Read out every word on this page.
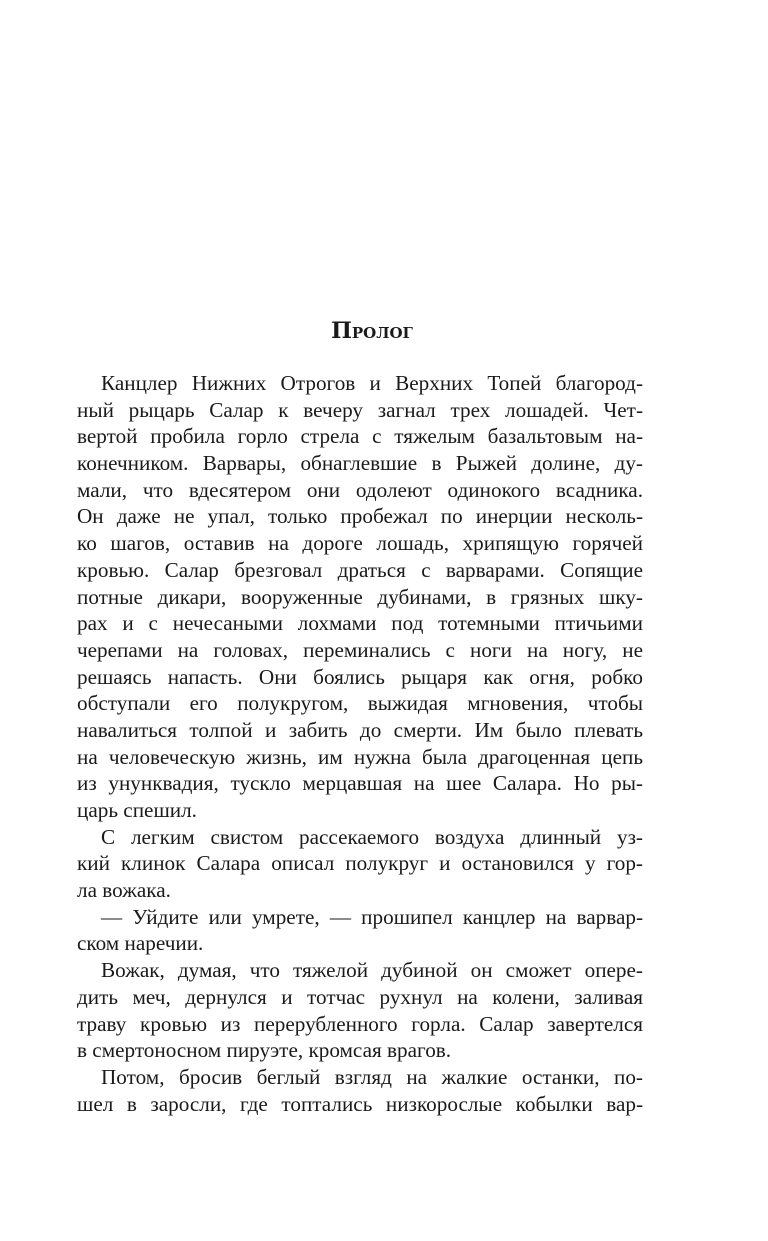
Пролог
Канцлер Нижних Отрогов и Верхних Топей благород-
ный рыцарь Салар к вечеру загнал трех лошадей. Чет-
вертой пробила горло стрела с тяжелым базальтовым на-
конечником. Варвары, обнаглевшие в Рыжей долине, ду-
мали, что вдесятером они одолеют одинокого всадника.
Он даже не упал, только пробежал по инерции несколь-
ко шагов, оставив на дороге лошадь, хрипящую горячей
кровью. Салар брезговал драться с варварами. Сопящие
потные дикари, вооруженные дубинами, в грязных шку-
рах и с нечесаными лохмами под тотемными птичьими
черепами на головах, переминались с ноги на ногу, не
решаясь напасть. Они боялись рыцаря как огня, робко
обступали его полукругом, выжидая мгновения, чтобы
навалиться толпой и забить до смерти. Им было плевать
на человеческую жизнь, им нужна была драгоценная цепь
из унунквадия, тускло мерцавшая на шее Салара. Но ры-
царь спешил.
С легким свистом рассекаемого воздуха длинный уз-
кий клинок Салара описал полукруг и остановился у гор-
ла вожака.
— Уйдите или умрете, — прошипел канцлер на варвар-
ском наречии.
Вожак, думая, что тяжелой дубиной он сможет опере-
дить меч, дернулся и тотчас рухнул на колени, заливая
траву кровью из перерубленного горла. Салар завертелся
в смертоносном пируэте, кромсая врагов.
Потом, бросив беглый взгляд на жалкие останки, по-
шел в заросли, где топтались низкорослые кобылки вар-
